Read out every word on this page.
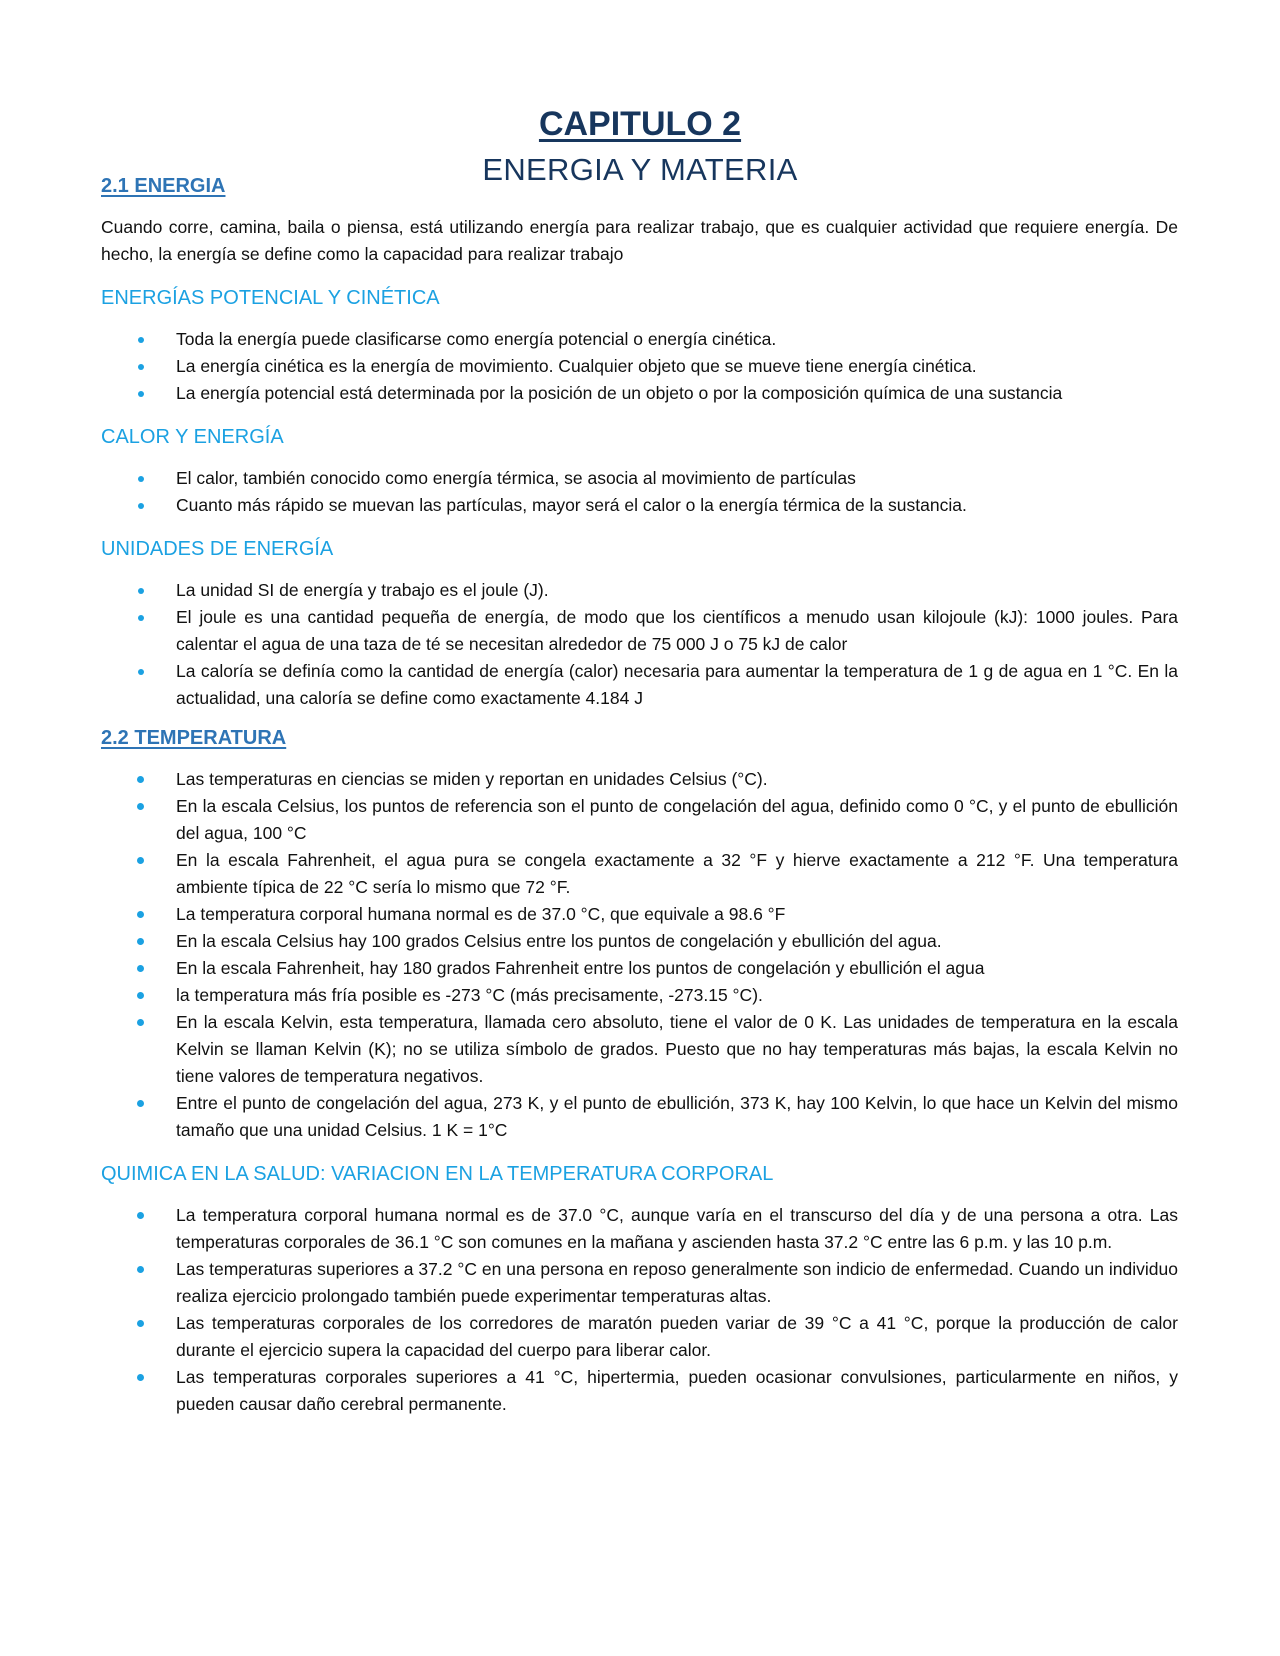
CAPITULO 2
ENERGIA Y MATERIA
2.1 ENERGIA

Cuando corre, camina, baila o piensa, está utilizando energía para realizar trabajo, que es cualquier actividad que requiere energía. De hecho, la energía se define como la capacidad para realizar trabajo

ENERGÍAS POTENCIAL Y CINÉTICA
Toda la energía puede clasificarse como energía potencial o energía cinética.
La energía cinética es la energía de movimiento. Cualquier objeto que se mueve tiene energía cinética.
La energía potencial está determinada por la posición de un objeto o por la composición química de una sustancia
CALOR Y ENERGÍA
El calor, también conocido como energía térmica, se asocia al movimiento de partículas
Cuanto más rápido se muevan las partículas, mayor será el calor o la energía térmica de la sustancia.
UNIDADES DE ENERGÍA
La unidad SI de energía y trabajo es el joule (J).
El joule es una cantidad pequeña de energía, de modo que los científicos a menudo usan kilojoule (kJ): 1000 joules. Para calentar el agua de una taza de té se necesitan alrededor de 75 000 J o 75 kJ de calor
La caloría se definía como la cantidad de energía (calor) necesaria para aumentar la temperatura de 1 g de agua en 1 °C. En la actualidad, una caloría se define como exactamente 4.184 J
2.2 TEMPERATURA
Las temperaturas en ciencias se miden y reportan en unidades Celsius (°C).
En la escala Celsius, los puntos de referencia son el punto de congelación del agua, definido como 0 °C, y el punto de ebullición del agua, 100 °C
En la escala Fahrenheit, el agua pura se congela exactamente a 32 °F y hierve exactamente a 212 °F. Una temperatura ambiente típica de 22 °C sería lo mismo que 72 °F.
La temperatura corporal humana normal es de 37.0 °C, que equivale a 98.6 °F
En la escala Celsius hay 100 grados Celsius entre los puntos de congelación y ebullición del agua.
En la escala Fahrenheit, hay 180 grados Fahrenheit entre los puntos de congelación y ebullición el agua
la temperatura más fría posible es -273 °C (más precisamente, -273.15 °C).
En la escala Kelvin, esta temperatura, llamada cero absoluto, tiene el valor de 0 K. Las unidades de temperatura en la escala Kelvin se llaman Kelvin (K); no se utiliza símbolo de grados. Puesto que no hay temperaturas más bajas, la escala Kelvin no tiene valores de temperatura negativos.
Entre el punto de congelación del agua, 273 K, y el punto de ebullición, 373 K, hay 100 Kelvin, lo que hace un Kelvin del mismo tamaño que una unidad Celsius. 1 K = 1°C
QUIMICA EN LA SALUD: VARIACION EN LA TEMPERATURA CORPORAL
La temperatura corporal humana normal es de 37.0 °C, aunque varía en el transcurso del día y de una persona a otra. Las temperaturas corporales de 36.1 °C son comunes en la mañana y ascienden hasta 37.2 °C entre las 6 p.m. y las 10 p.m.
Las temperaturas superiores a 37.2 °C en una persona en reposo generalmente son indicio de enfermedad. Cuando un individuo realiza ejercicio prolongado también puede experimentar temperaturas altas.
Las temperaturas corporales de los corredores de maratón pueden variar de 39 °C a 41 °C, porque la producción de calor durante el ejercicio supera la capacidad del cuerpo para liberar calor.
Las temperaturas corporales superiores a 41 °C, hipertermia, pueden ocasionar convulsiones, particularmente en niños, y pueden causar daño cerebral permanente.
